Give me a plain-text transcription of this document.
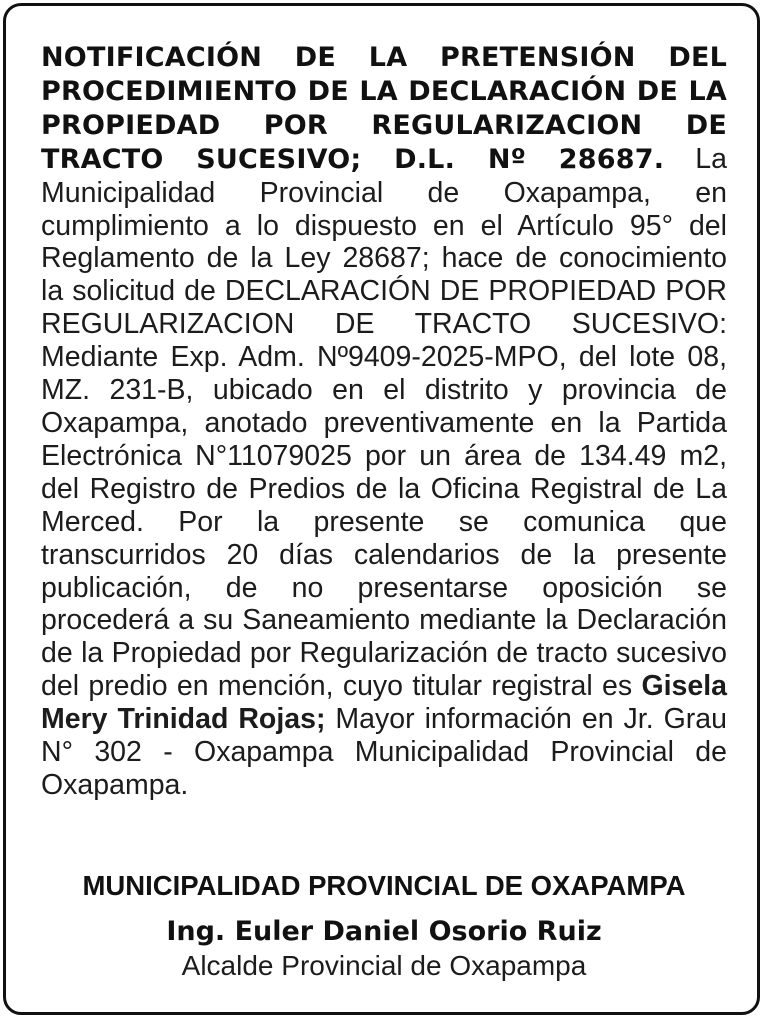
NOTIFICACIÓN DE LA PRETENSIÓN DEL PROCEDIMIENTO DE LA DECLARACIÓN DE LA PROPIEDAD POR REGULARIZACION DE TRACTO SUCESIVO; D.L. Nº 28687. La Municipalidad Provincial de Oxapampa, en cumplimiento a lo dispuesto en el Artículo 95° del Reglamento de la Ley 28687; hace de conocimiento la solicitud de DECLARACIÓN DE PROPIEDAD POR REGULARIZACION DE TRACTO SUCESIVO: Mediante Exp. Adm. Nº9409-2025-MPO, del lote 08, MZ. 231-B, ubicado en el distrito y provincia de Oxapampa, anotado preventivamente en la Partida Electrónica N°11079025 por un área de 134.49 m2, del Registro de Predios de la Oficina Registral de La Merced. Por la presente se comunica que transcurridos 20 días calendarios de la presente publicación, de no presentarse oposición se procederá a su Saneamiento mediante la Declaración de la Propiedad por Regularización de tracto sucesivo del predio en mención, cuyo titular registral es Gisela Mery Trinidad Rojas; Mayor información en Jr. Grau N° 302 - Oxapampa Municipalidad Provincial de Oxapampa.
MUNICIPALIDAD PROVINCIAL DE OXAPAMPA
Ing. Euler Daniel Osorio Ruiz
Alcalde Provincial de Oxapampa
